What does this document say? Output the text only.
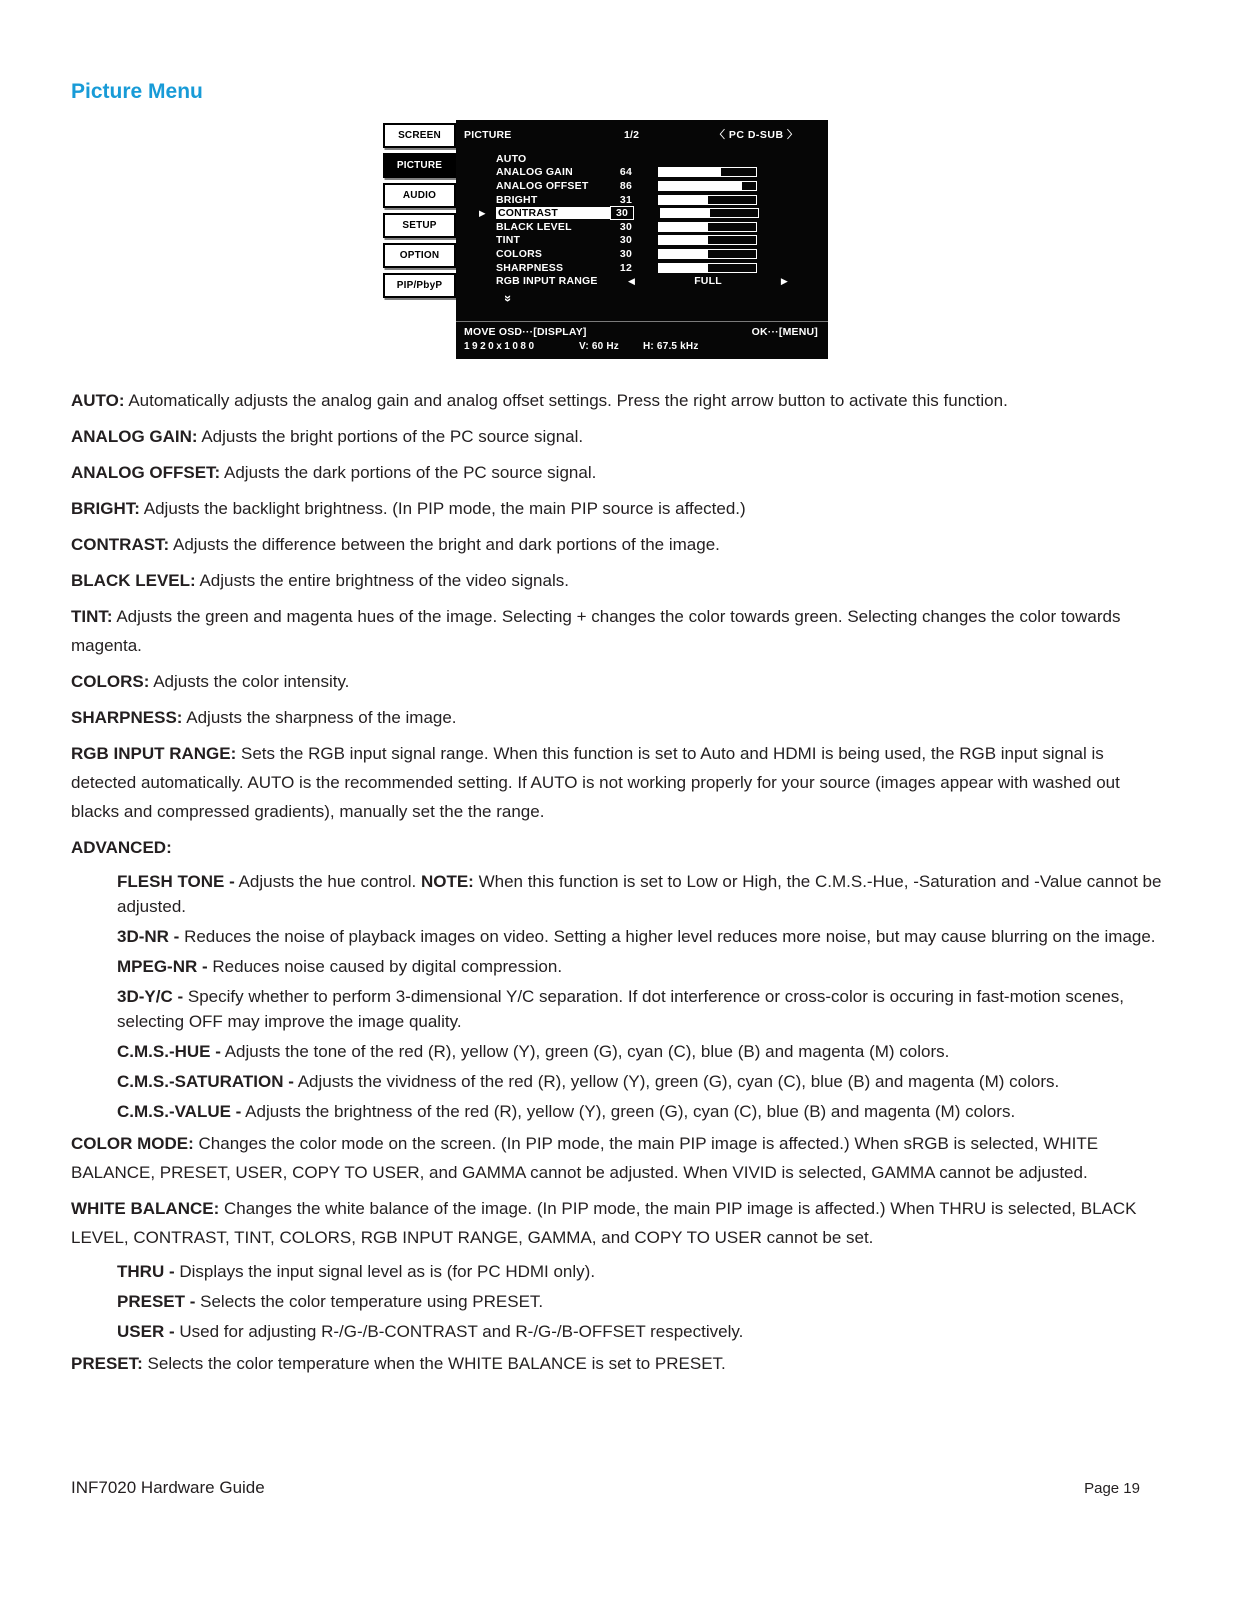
Picture Menu
SCREEN
PICTURE
AUDIO
SETUP
OPTION
PIP/PbyP
PICTURE	1/2	〈 PC D-SUB 〉
AUTO
ANALOG GAIN	64
ANALOG OFFSET	86
BRIGHT	31
▶	CONTRAST	30
BLACK LEVEL	30
TINT	30
COLORS	30
SHARPNESS	12
RGB INPUT RANGE	◀	FULL	▶
»
MOVE OSD···[DISPLAY]	OK···[MENU]
1920x1080	V: 60 Hz	H: 67.5 kHz

AUTO: Automatically adjusts the analog gain and analog offset settings. Press the right arrow button to activate this function.

ANALOG GAIN: Adjusts the bright portions of the PC source signal.

ANALOG OFFSET: Adjusts the dark portions of the PC source signal.

BRIGHT: Adjusts the backlight brightness. (In PIP mode, the main PIP source is affected.)

CONTRAST: Adjusts the difference between the bright and dark portions of the image.

BLACK LEVEL: Adjusts the entire brightness of the video signals.

TINT: Adjusts the green and magenta hues of the image. Selecting + changes the color towards green. Selecting changes the color towards magenta.

COLORS: Adjusts the color intensity.

SHARPNESS: Adjusts the sharpness of the image.

RGB INPUT RANGE: Sets the RGB input signal range. When this function is set to Auto and HDMI is being used, the RGB input signal is detected automatically. AUTO is the recommended setting. If AUTO is not working properly for your source (images appear with washed out blacks and compressed gradients), manually set the the range.

ADVANCED:

FLESH TONE - Adjusts the hue control. NOTE: When this function is set to Low or High, the C.M.S.-Hue, -Saturation and -Value cannot be adjusted.

3D-NR - Reduces the noise of playback images on video. Setting a higher level reduces more noise, but may cause blurring on the image.

MPEG-NR - Reduces noise caused by digital compression.

3D-Y/C - Specify whether to perform 3-dimensional Y/C separation. If dot interference or cross-color is occuring in fast-motion scenes, selecting OFF may improve the image quality.

C.M.S.-HUE - Adjusts the tone of the red (R), yellow (Y), green (G), cyan (C), blue (B) and magenta (M) colors.

C.M.S.-SATURATION - Adjusts the vividness of the red (R), yellow (Y), green (G), cyan (C), blue (B) and magenta (M) colors.

C.M.S.-VALUE - Adjusts the brightness of the red (R), yellow (Y), green (G), cyan (C), blue (B) and magenta (M) colors.

COLOR MODE: Changes the color mode on the screen. (In PIP mode, the main PIP image is affected.) When sRGB is selected, WHITE BALANCE, PRESET, USER, COPY TO USER, and GAMMA cannot be adjusted. When VIVID is selected, GAMMA cannot be adjusted.

WHITE BALANCE: Changes the white balance of the image. (In PIP mode, the main PIP image is affected.) When THRU is selected, BLACK LEVEL, CONTRAST, TINT, COLORS, RGB INPUT RANGE, GAMMA, and COPY TO USER cannot be set.

THRU - Displays the input signal level as is (for PC HDMI only).

PRESET - Selects the color temperature using PRESET.

USER - Used for adjusting R-/G-/B-CONTRAST and R-/G-/B-OFFSET respectively.

PRESET: Selects the color temperature when the WHITE BALANCE is set to PRESET.

INF7020 Hardware Guide	Page 19
